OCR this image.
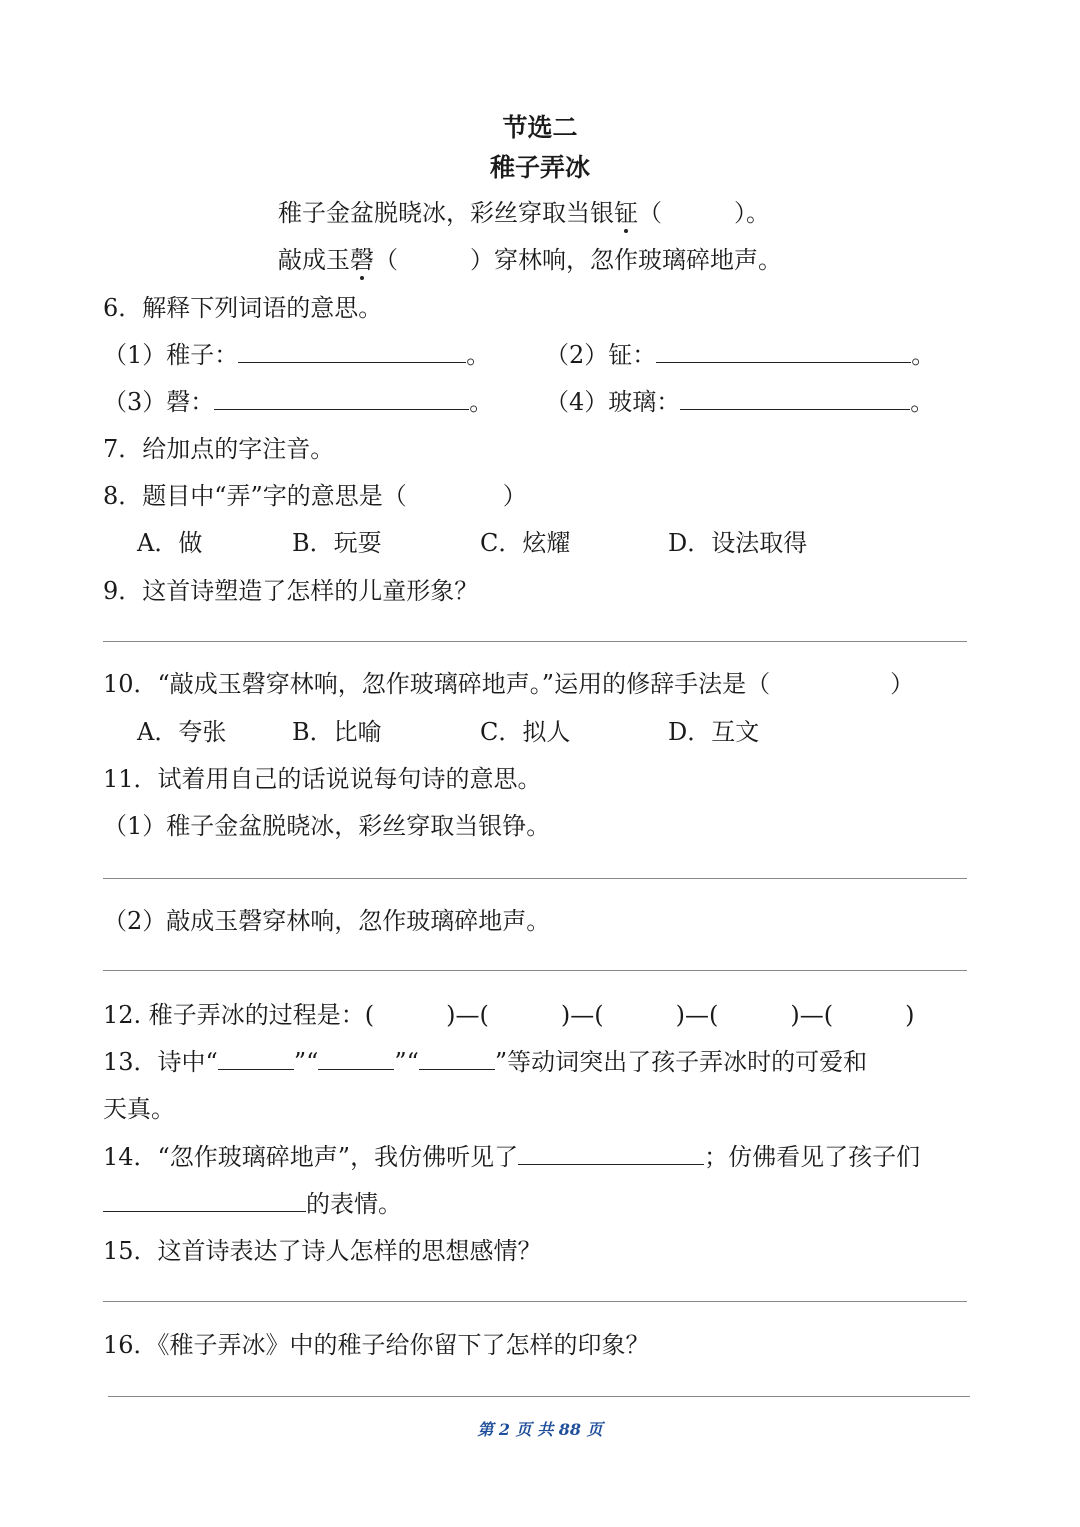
节选二
稚子弄冰
稚子金盆脱晓冰，彩丝穿取当银钲（　　　）。
敲成玉磬（　　　）穿林响，忽作玻璃碎地声。
6．解释下列词语的意思。
（1）稚子：	。 （2）钲：	。
（3）磬：	。 （4）玻璃：	。
7．给加点的字注音。
8．题目中“弄”字的意思是（　　　　）
A．做	B．玩耍	C．炫耀	D．设法取得
9．这首诗塑造了怎样的儿童形象？
10．“敲成玉磬穿林响，忽作玻璃碎地声。”运用的修辞手法是（　　　　　）
A．夸张	B．比喻	C．拟人	D．互文
11．试着用自己的话说说每句诗的意思。
（1）稚子金盆脱晓冰，彩丝穿取当银铮。
（2）敲成玉磬穿林响，忽作玻璃碎地声。
12. 稚子弄冰的过程是：(　　　)—(　　　)—(　　　)—(　　　)—(　　　)
13．诗中“	”“	”“	”等动词突出了孩子弄冰时的可爱和
天真。
14．“忽作玻璃碎地声”，我仿佛听见了	；仿佛看见了孩子们
的表情。
15．这首诗表达了诗人怎样的思想感情？
16．《稚子弄冰》中的稚子给你留下了怎样的印象？
第 2 页 共 88 页
